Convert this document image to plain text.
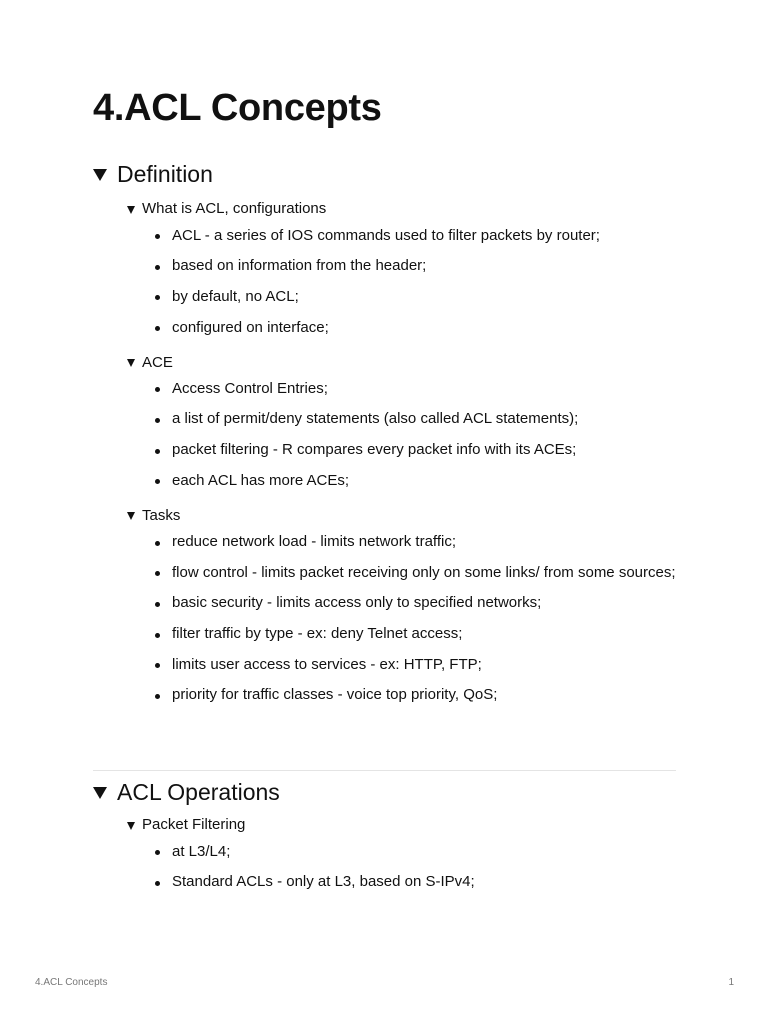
4.ACL Concepts
Definition
What is ACL, configurations
ACL - a series of IOS commands used to filter packets by router;
based on information from the header;
by default, no ACL;
configured on interface;
ACE
Access Control Entries;
a list of permit/deny statements (also called ACL statements);
packet filtering - R compares every packet info with its ACEs;
each ACL has more ACEs;
Tasks
reduce network load - limits network traffic;
flow control - limits packet receiving only on some links/ from some sources;
basic security - limits access only to specified networks;
filter traffic by type - ex: deny Telnet access;
limits user access to services - ex: HTTP, FTP;
priority for traffic classes - voice top priority, QoS;
ACL Operations
Packet Filtering
at L3/L4;
Standard ACLs - only at L3, based on S-IPv4;
4.ACL Concepts	1
